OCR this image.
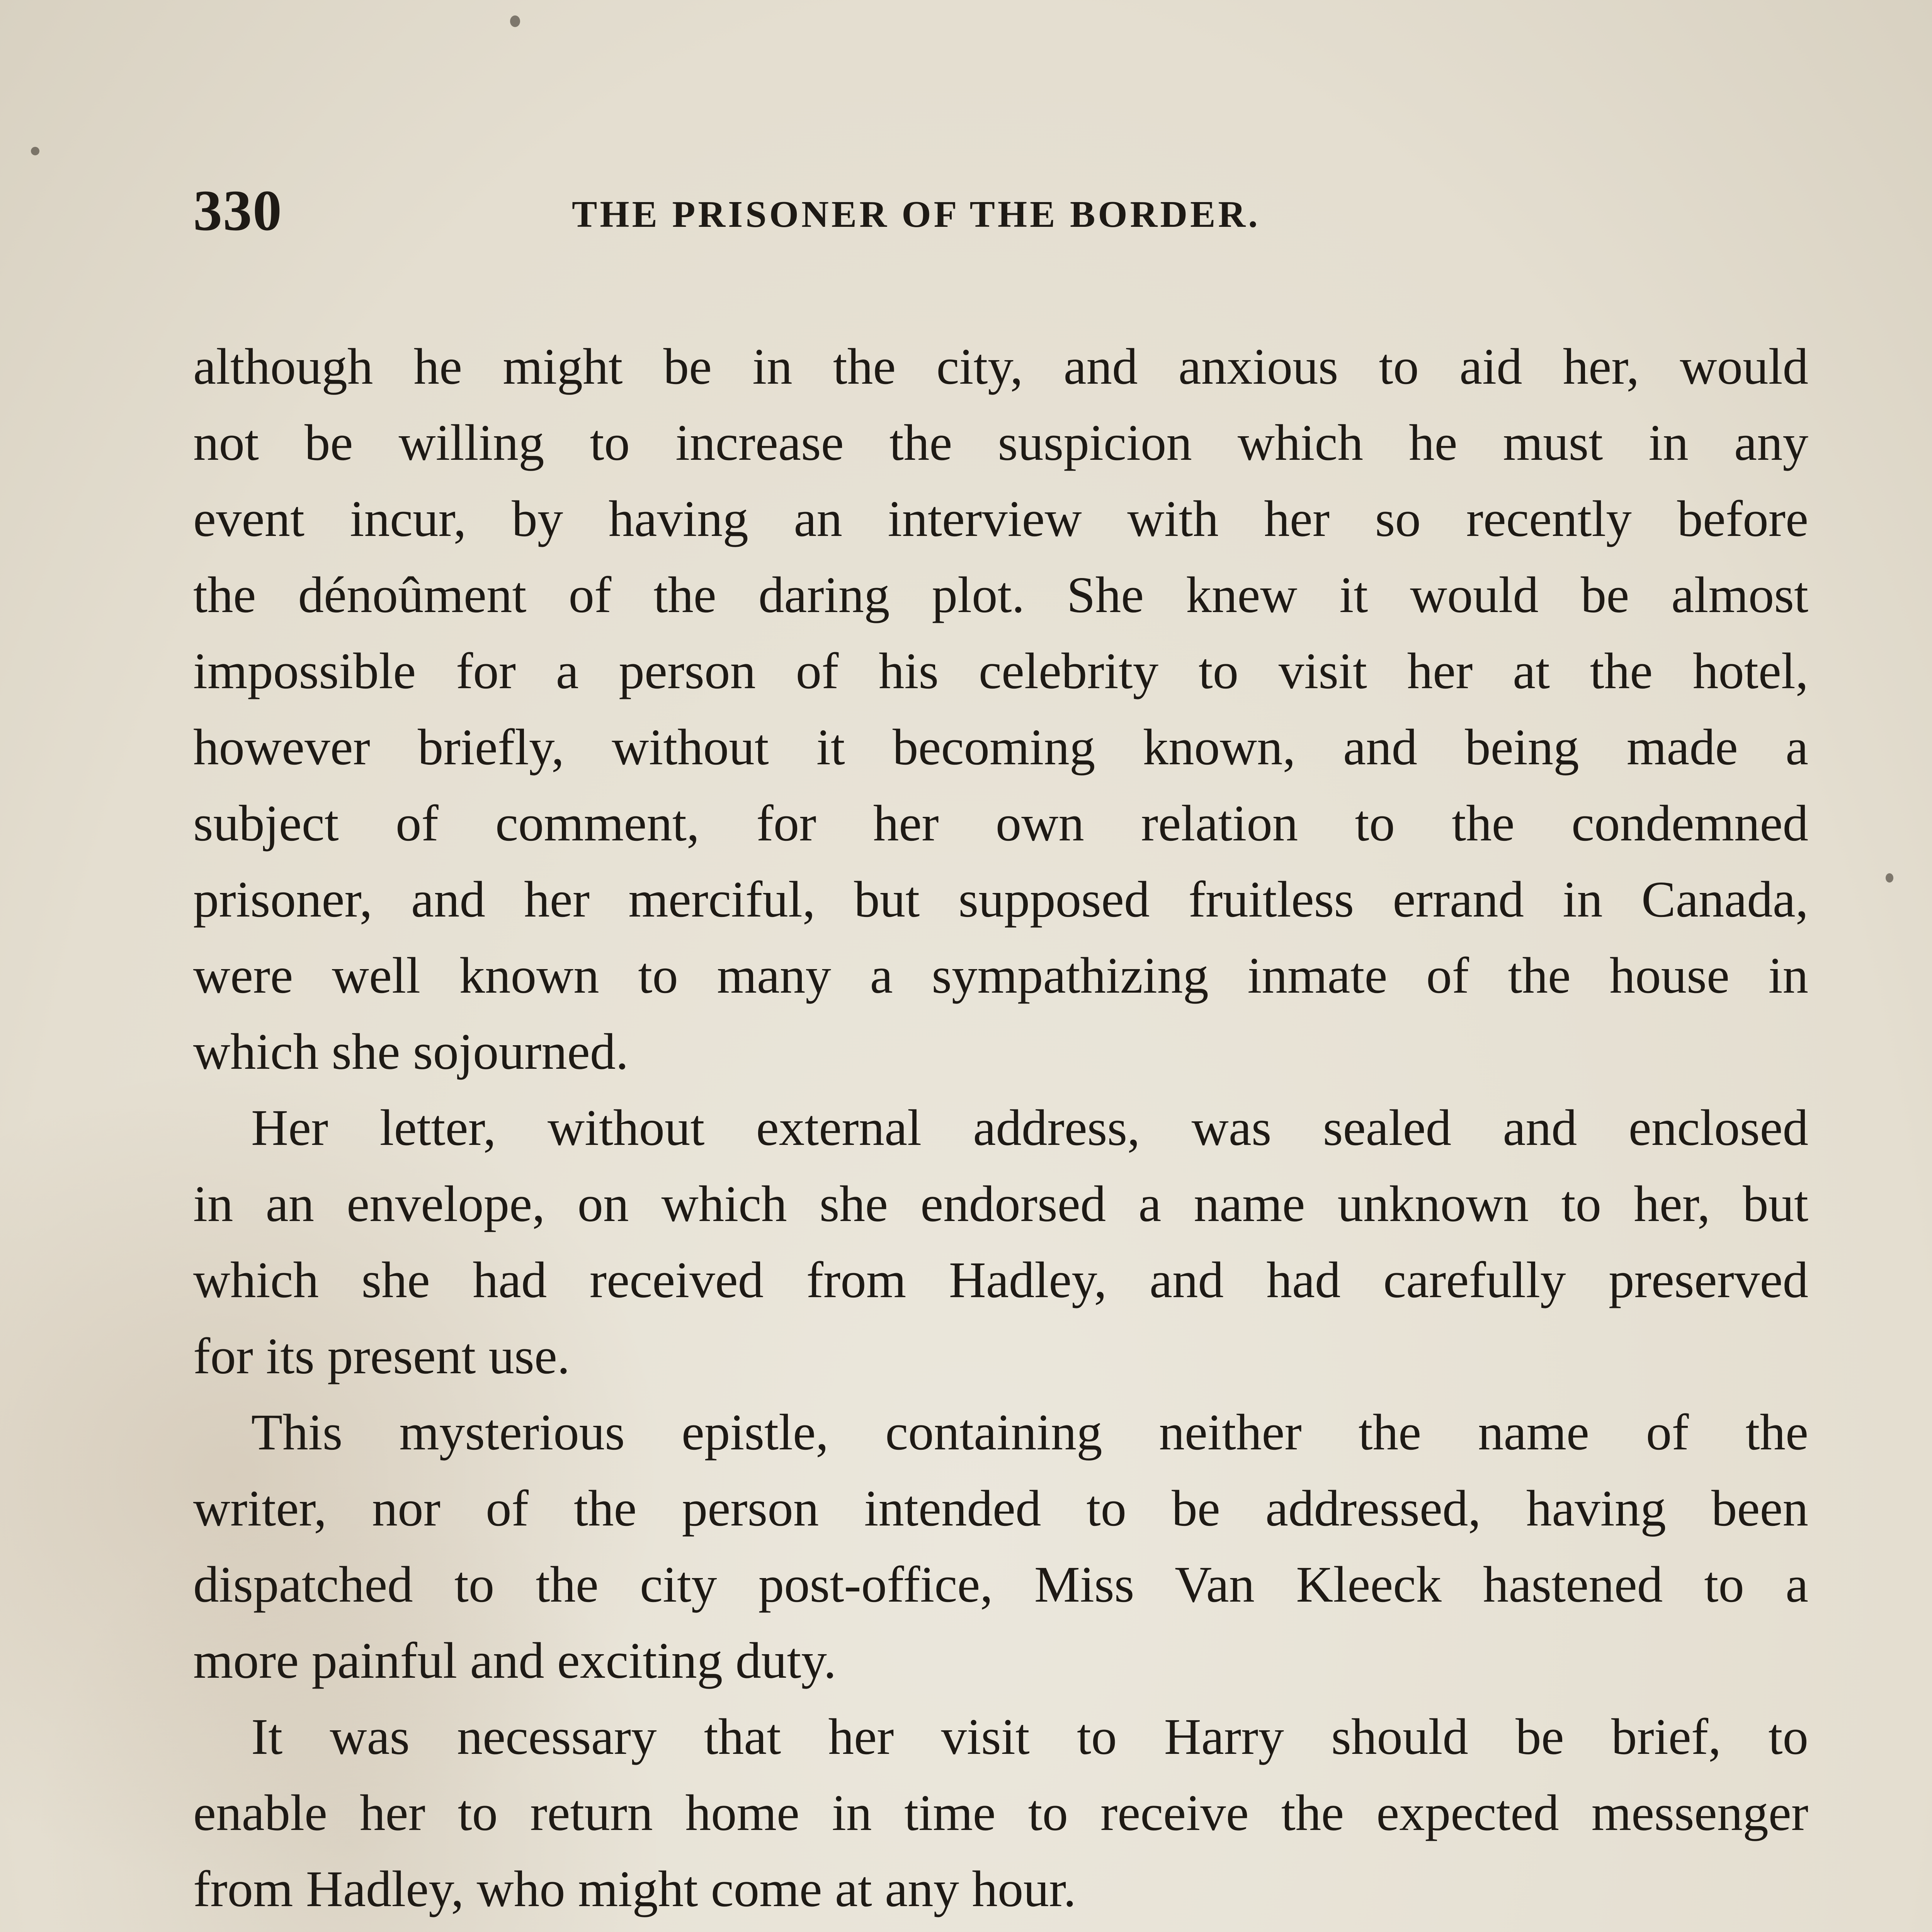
330	THE PRISONER OF THE BORDER.

although he might be in the city, and anxious to aid her, would
not be willing to increase the suspicion which he must in any
event incur, by having an interview with her so recently before
the dénoûment of the daring plot. She knew it would be almost
impossible for a person of his celebrity to visit her at the hotel,
however briefly, without it becoming known, and being made a
subject of comment, for her own relation to the condemned
prisoner, and her merciful, but supposed fruitless errand in Canada,
were well known to many a sympathizing inmate of the house in
which she sojourned.

Her letter, without external address, was sealed and enclosed
in an envelope, on which she endorsed a name unknown to her, but
which she had received from Hadley, and had carefully preserved
for its present use.

This mysterious epistle, containing neither the name of the
writer, nor of the person intended to be addressed, having been
dispatched to the city post-office, Miss Van Kleeck hastened to a
more painful and exciting duty.

It was necessary that her visit to Harry should be brief, to
enable her to return home in time to receive the expected messenger
from Hadley, who might come at any hour.
